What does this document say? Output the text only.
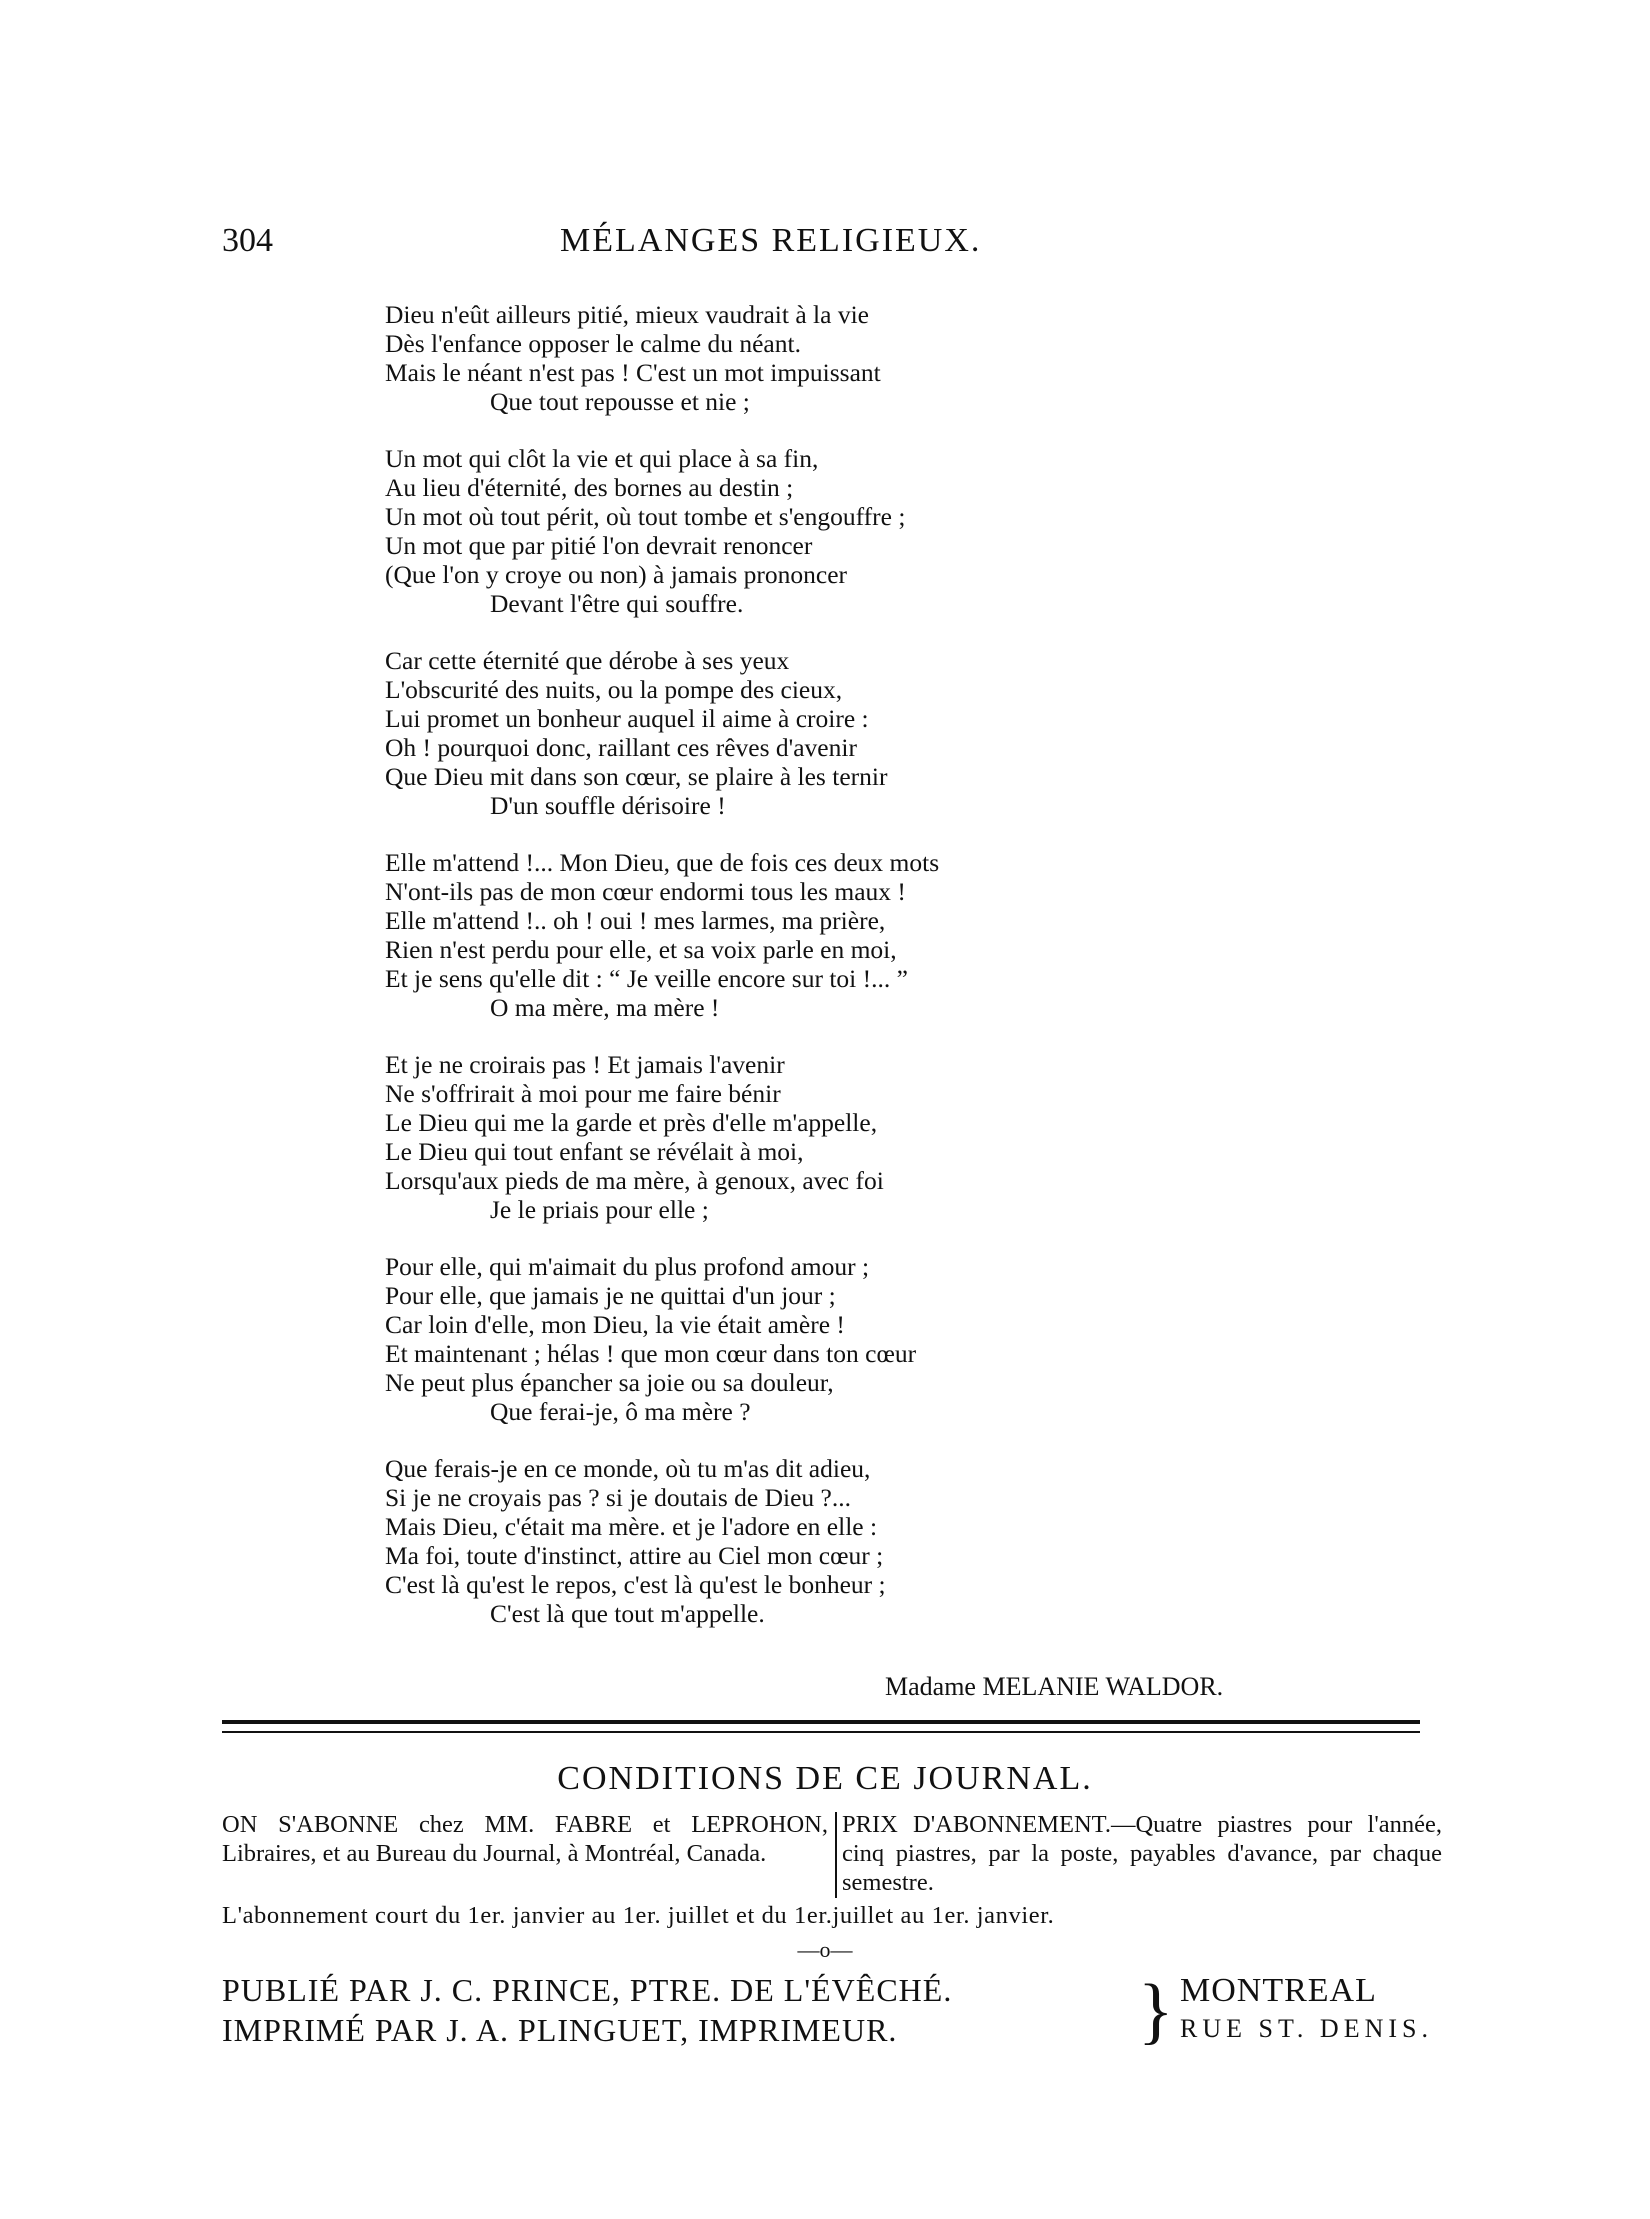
304	MÉLANGES RELIGIEUX.
Dieu n'eût ailleurs pitié, mieux vaudrait à la vie
Dès l'enfance opposer le calme du néant.
Mais le néant n'est pas ! C'est un mot impuissant
Que tout repousse et nie ;
Un mot qui clôt la vie et qui place à sa fin,
Au lieu d'éternité, des bornes au destin ;
Un mot où tout périt, où tout tombe et s'engouffre ;
Un mot que par pitié l'on devrait renoncer
(Que l'on y croye ou non) à jamais prononcer
Devant l'être qui souffre.
Car cette éternité que dérobe à ses yeux
L'obscurité des nuits, ou la pompe des cieux,
Lui promet un bonheur auquel il aime à croire :
Oh ! pourquoi donc, raillant ces rêves d'avenir
Que Dieu mit dans son cœur, se plaire à les ternir
D'un souffle dérisoire !
Elle m'attend !... Mon Dieu, que de fois ces deux mots
N'ont-ils pas de mon cœur endormi tous les maux !
Elle m'attend !.. oh ! oui ! mes larmes, ma prière,
Rien n'est perdu pour elle, et sa voix parle en moi,
Et je sens qu'elle dit : “ Je veille encore sur toi !... ”
O ma mère, ma mère !
Et je ne croirais pas ! Et jamais l'avenir
Ne s'offrirait à moi pour me faire bénir
Le Dieu qui me la garde et près d'elle m'appelle,
Le Dieu qui tout enfant se révélait à moi,
Lorsqu'aux pieds de ma mère, à genoux, avec foi
Je le priais pour elle ;
Pour elle, qui m'aimait du plus profond amour ;
Pour elle, que jamais je ne quittai d'un jour ;
Car loin d'elle, mon Dieu, la vie était amère !
Et maintenant ; hélas ! que mon cœur dans ton cœur
Ne peut plus épancher sa joie ou sa douleur,
Que ferai-je, ô ma mère ?
Que ferais-je en ce monde, où tu m'as dit adieu,
Si je ne croyais pas ? si je doutais de Dieu ?...
Mais Dieu, c'était ma mère. et je l'adore en elle :
Ma foi, toute d'instinct, attire au Ciel mon cœur ;
C'est là qu'est le repos, c'est là qu'est le bonheur ;
C'est là que tout m'appelle.
Madame MELANIE WALDOR.
CONDITIONS DE CE JOURNAL.
ON S'ABONNE chez MM. FABRE et LEPROHON, Libraires, et au Bureau du Journal, à Montréal, Canada.
PRIX D'ABONNEMENT.—Quatre piastres pour l'année, cinq piastres, par la poste, payables d'avance, par chaque semestre.
L'abonnement court du 1er. janvier au 1er. juillet et du 1er.juillet au 1er. janvier.
—o—
PUBLIÉ PAR J. C. PRINCE, PTRE. DE L'ÉVÊCHÉ.
IMPRIMÉ PAR J. A. PLINGUET, IMPRIMEUR.	} MONTREAL
RUE ST. DENIS.
